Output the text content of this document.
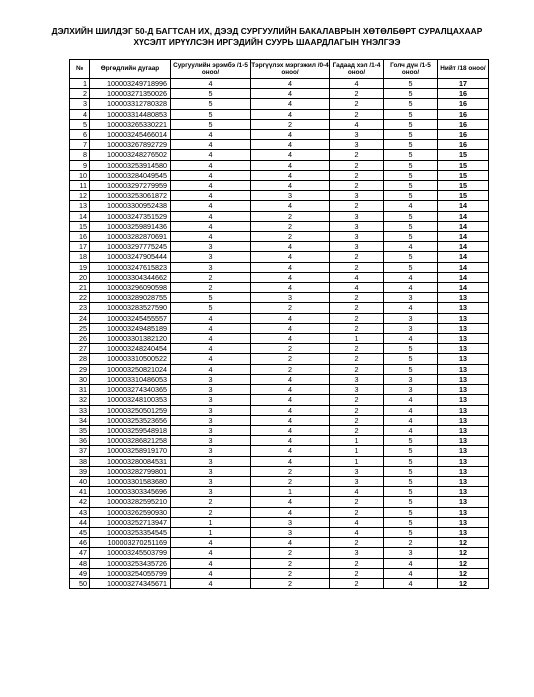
ДЭЛХИЙН ШИЛДЭГ 50-Д БАГТСАН ИХ, ДЭЭД СУРГУУЛИЙН БАКАЛАВРЫН ХӨТӨЛБӨРТ СУРАЛЦАХААР
ХҮСЭЛТ ИРҮҮЛСЭН ИРГЭДИЙН СУУРЬ ШААРДЛАГЫН ҮНЭЛГЭЭ
№	Өргөдлийн дугаар	Сургуулийн эрэмбэ /1-5 оноо/	Тэргүүлэх мэргэжил /0-4 оноо/	Гадаад хэл /1-4 оноо/	Голч дүн /1-5 оноо/	Нийт /18 оноо/
1	100003249718996	4	4	4	5	17
2	100003271350026	5	4	2	5	16
3	100003312780328	5	4	2	5	16
4	100003314480853	5	4	2	5	16
5	100003265330221	5	2	4	5	16
6	100003245466014	4	4	3	5	16
7	100003267892729	4	4	3	5	16
8	100003248276502	4	4	2	5	15
9	100003253914580	4	4	2	5	15
10	100003284049545	4	4	2	5	15
11	100003297279959	4	4	2	5	15
12	100003253061872	4	3	3	5	15
13	100003300952438	4	4	2	4	14
14	100003247351529	4	2	3	5	14
15	100003259891436	4	2	3	5	14
16	100003282870691	4	2	3	5	14
17	100003297775245	3	4	3	4	14
18	100003247905444	3	4	2	5	14
19	100003247615823	3	4	2	5	14
20	100003304344662	2	4	4	4	14
21	100003296090598	2	4	4	4	14
22	100003289028755	5	3	2	3	13
23	100003283527590	5	2	2	4	13
24	100003245455557	4	4	2	3	13
25	100003249485189	4	4	2	3	13
26	100003301382120	4	4	1	4	13
27	100003248240454	4	2	2	5	13
28	100003310500522	4	2	2	5	13
29	100003250821024	4	2	2	5	13
30	100003310486053	3	4	3	3	13
31	100003274340365	3	4	3	3	13
32	100003248100353	3	4	2	4	13
33	100003250501259	3	4	2	4	13
34	100003253523656	3	4	2	4	13
35	100003259548918	3	4	2	4	13
36	100003286821258	3	4	1	5	13
37	100003258919170	3	4	1	5	13
38	100003280084531	3	4	1	5	13
39	100003282799801	3	2	3	5	13
40	100003301583680	3	2	3	5	13
41	100003303345696	3	1	4	5	13
42	100003282595210	2	4	2	5	13
43	100003262590930	2	4	2	5	13
44	100003252713947	1	3	4	5	13
45	100003253354545	1	3	4	5	13
46	100003270251169	4	4	2	2	12
47	100003245503799	4	2	3	3	12
48	100003253435726	4	2	2	4	12
49	100003254055799	4	2	2	4	12
50	100003274345671	4	2	2	4	12
